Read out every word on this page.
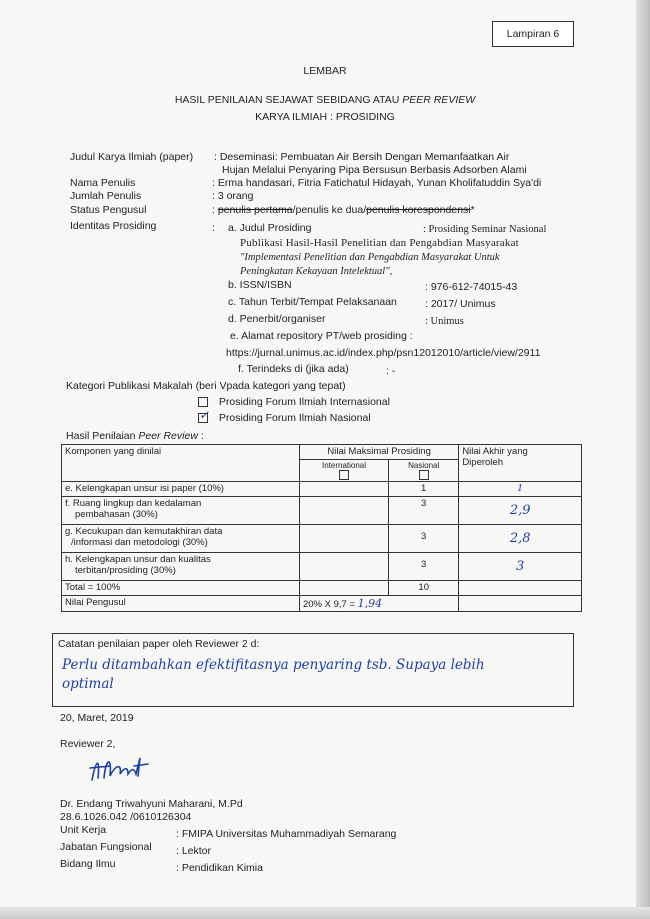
Lampiran 6
LEMBAR
HASIL PENILAIAN SEJAWAT SEBIDANG ATAU PEER REVIEW
KARYA ILMIAH : PROSIDING
Judul Karya Ilmiah (paper) : Deseminasi: Pembuatan Air Bersih Dengan Memanfaatkan Air
Hujan Melalui Penyaring Pipa Bersusun Berbasis Adsorben Alami
Nama Penulis	: Erma handasari, Fitria Fatichatul Hidayah, Yunan Kholifatuddin Sya'di
Jumlah Penulis	: 3 orang
Status Pengusul	: penulis pertama/penulis ke dua/penulis korespondensi*
Identitas Prosiding	: a. Judul Prosiding	: Prosiding Seminar Nasional
Publikasi Hasil-Hasil Penelitian dan Pengabdian Masyarakat
"Implementasi Penelitian dan Pengabdian Masyarakat Untuk
Peningkatan Kekayaan Intelektual",
b. ISSN/ISBN	: 976-612-74015-43
c. Tahun Terbit/Tempat Pelaksanaan	: 2017/ Unimus
d. Penerbit/organiser	: Unimus
e. Alamat repository PT/web prosiding :
https://jurnal.unimus.ac.id/index.php/psn12012010/article/view/2911
f. Terindeks di (jika ada)	: -
Kategori Publikasi Makalah (beri Vpada kategori yang tepat)
Prosiding Forum Ilmiah Internasional
✓ Prosiding Forum Ilmiah Nasional
Hasil Penilaian Peer Review :
Komponen yang dinilai	Nilai Maksimal Prosiding		Nilai Akhir yang
Diperoleh

	International	Nasional	

e. Kelengkapan unsur isi paper (10%)		1	1

f. Ruang lingkup dan kedalaman
pembahasan (30%)		3	2,9

g. Kecukupan dan kemutakhiran data
/informasi dan metodologi (30%)		3	2,8

h. Kelengkapan unsur dan kualitas
terbitan/prosiding (30%)		3	3
Total = 100%		10	
Nilai Pengusul	20% X 9,7 = 1,94		
Catatan penilaian paper oleh Reviewer 2 d:
Perlu ditambahkan efektifitasnya penyaring tsb. Supaya lebih
optimal
20, Maret, 2019
Reviewer 2,
Dr. Endang Triwahyuni Maharani, M.Pd
28.6.1026.042 /0610126304
Unit Kerja	: FMIPA Universitas Muhammadiyah Semarang
Jabatan Fungsional : Lektor
Bidang Ilmu	: Pendidikan Kimia
